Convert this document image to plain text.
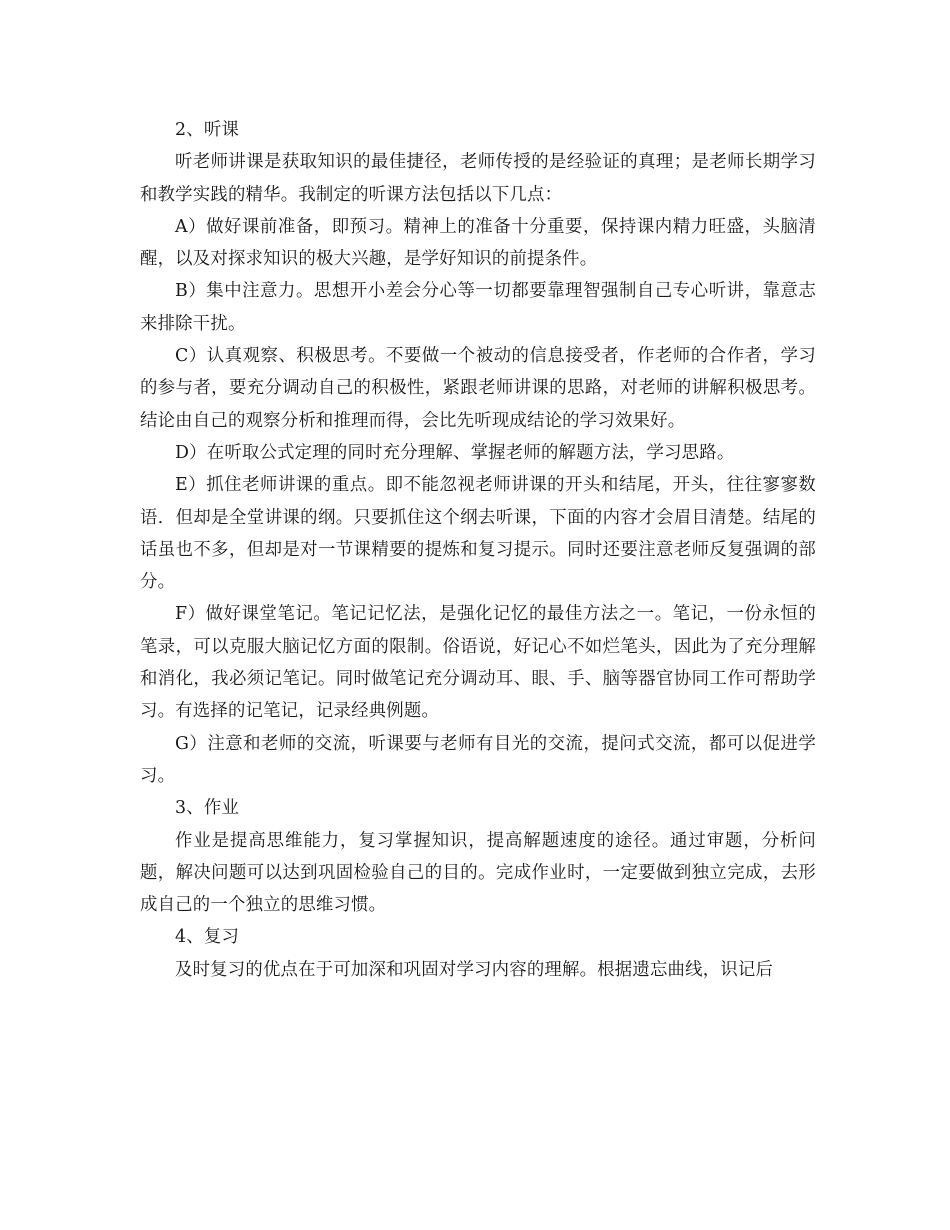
2、听课

听老师讲课是获取知识的最佳捷径，老师传授的是经验证的真理；是老师长期学习和教学实践的精华。我制定的听课方法包括以下几点：

A）做好课前准备，即预习。精神上的准备十分重要，保持课内精力旺盛，头脑清醒，以及对探求知识的极大兴趣，是学好知识的前提条件。

B）集中注意力。思想开小差会分心等一切都要靠理智强制自己专心听讲，靠意志来排除干扰。

C）认真观察、积极思考。不要做一个被动的信息接受者，作老师的合作者，学习的参与者，要充分调动自己的积极性，紧跟老师讲课的思路，对老师的讲解积极思考。结论由自己的观察分析和推理而得，会比先听现成结论的学习效果好。

D）在听取公式定理的同时充分理解、掌握老师的解题方法，学习思路。

E）抓住老师讲课的重点。即不能忽视老师讲课的开头和结尾，开头，往往寥寥数语．但却是全堂讲课的纲。只要抓住这个纲去听课，下面的内容才会眉目清楚。结尾的话虽也不多，但却是对一节课精要的提炼和复习提示。同时还要注意老师反复强调的部分。

F）做好课堂笔记。笔记记忆法，是强化记忆的最佳方法之一。笔记，一份永恒的笔录，可以克服大脑记忆方面的限制。俗语说，好记心不如烂笔头，因此为了充分理解和消化，我必须记笔记。同时做笔记充分调动耳、眼、手、脑等器官协同工作可帮助学习。有选择的记笔记，记录经典例题。

G）注意和老师的交流，听课要与老师有目光的交流，提问式交流，都可以促进学习。

3、作业

作业是提高思维能力，复习掌握知识，提高解题速度的途径。通过审题，分析问题，解决问题可以达到巩固检验自己的目的。完成作业时，一定要做到独立完成，去形成自己的一个独立的思维习惯。

4、复习

及时复习的优点在于可加深和巩固对学习内容的理解。根据遗忘曲线，识记后
